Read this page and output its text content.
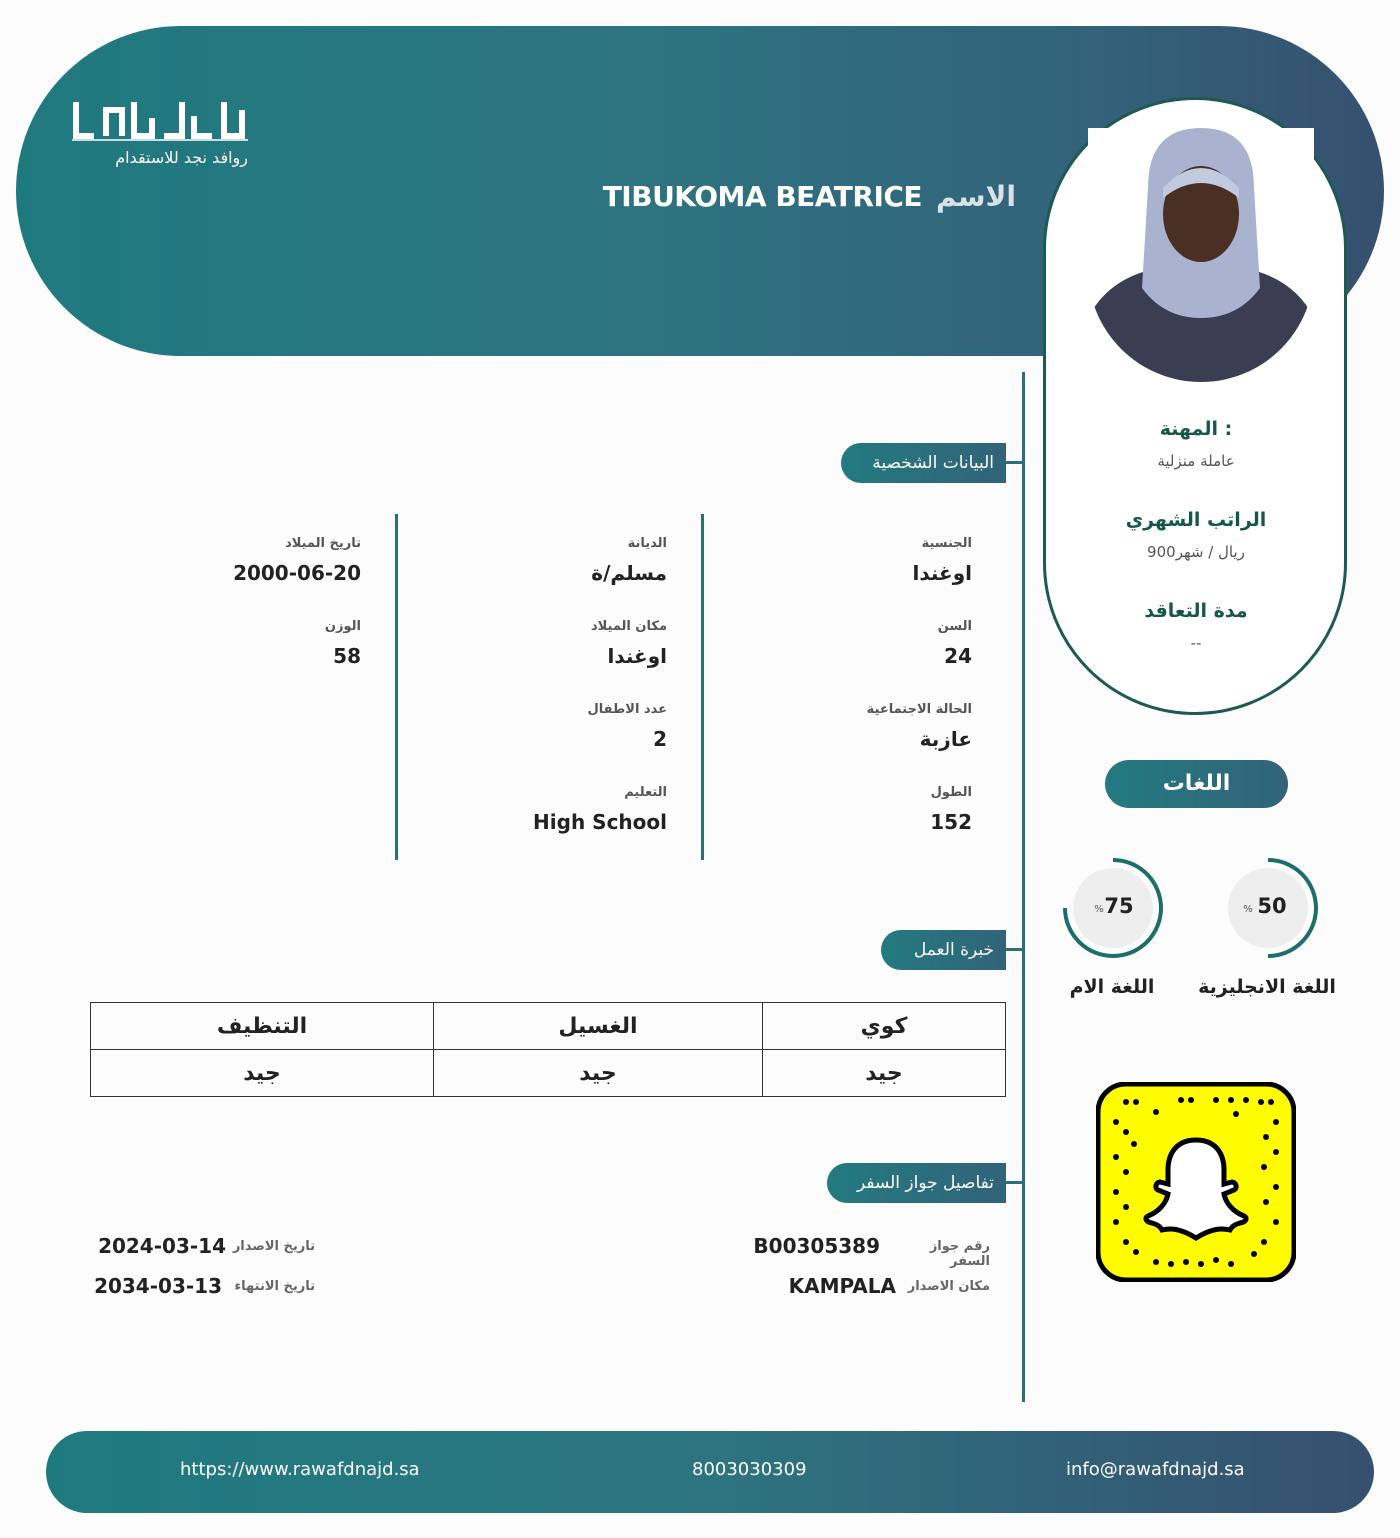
روافد نجد للاستقدام
الاسم
TIBUKOMA BEATRICE
المهنة :
عاملة منزلية
الراتب الشهري
900ريال / شهر
مدة التعاقد
--
البيانات الشخصية
الجنسية
اوغندا
السن
24
الحالة الاجتماعية
عازبة
الطول
152
الديانة
مسلم/ة
مكان الميلاد
اوغندا
عدد الاطفال
2
التعليم
High School
تاريخ الميلاد
2000-06-20
الوزن
58
خبرة العمل
كوي	الغسيل	التنظيف
جيد	جيد	جيد
تفاصيل جواز السفر
رقم جواز السفر
B00305389
مكان الاصدار
KAMPALA
تاريخ الاصدار
2024-03-14
تاريخ الانتهاء
2034-03-13
اللغات
50
%
اللغة الانجليزية
75
%
اللغة الام
info@rawafdnajd.sa
8003030309
https://www.rawafdnajd.sa
